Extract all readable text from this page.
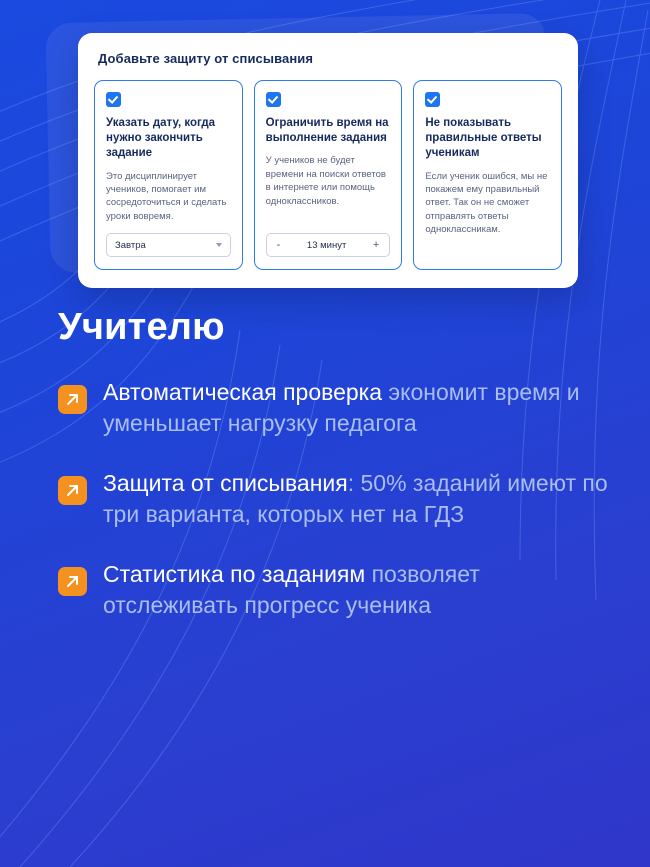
Добавьте защиту от списывания
Указать дату, когда нужно закончить задание
Это дисциплинирует учеников, помогает им сосредоточиться и сделать уроки вовремя.
Завтра
Ограничить время на выполнение задания
У учеников не будет времени на поиски ответов в интернете или помощь одноклассников.
-	13 минут +
Не показывать правильные ответы ученикам
Если ученик ошибся, мы не покажем ему правильный ответ. Так он не сможет отправлять ответы одноклассникам.
Учителю
Автоматическая проверка экономит время и уменьшает нагрузку педагога
Защита от списывания: 50% заданий имеют по три варианта, которых нет на ГДЗ
Статистика по заданиям позволяет отслеживать прогресс ученика
